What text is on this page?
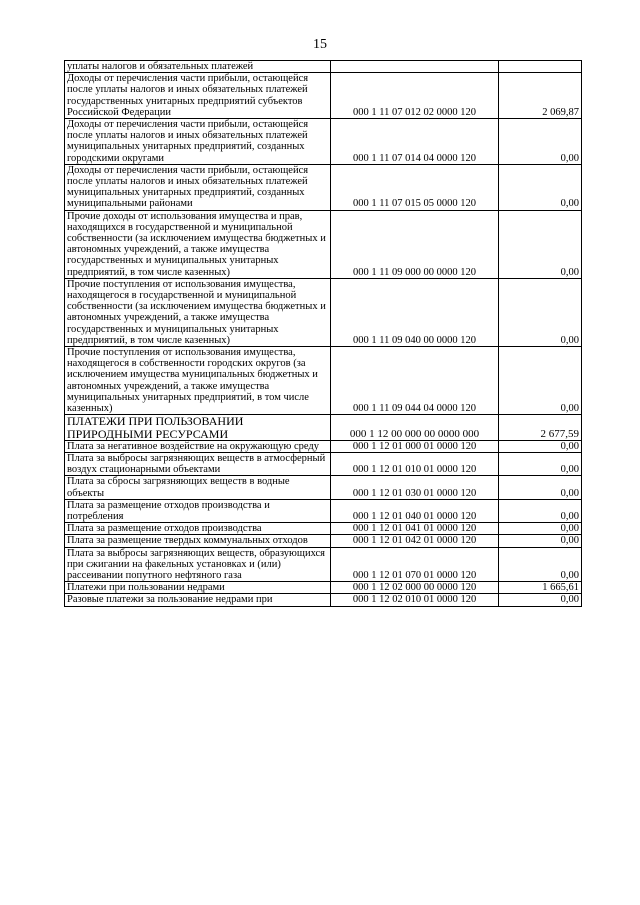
15
уплаты налогов и обязательных платежей		
Доходы от перечисления части прибыли, остающейся после уплаты налогов и иных обязательных платежей государственных унитарных предприятий субъектов Российской Федерации	000 1 11 07 012 02 0000 120	2 069,87
Доходы от перечисления части прибыли, остающейся после уплаты налогов и иных обязательных платежей муниципальных унитарных предприятий, созданных городскими округами	000 1 11 07 014 04 0000 120	0,00
Доходы от перечисления части прибыли, остающейся после уплаты налогов и иных обязательных платежей муниципальных унитарных предприятий, созданных муниципальными районами	000 1 11 07 015 05 0000 120	0,00
Прочие доходы от использования имущества и прав, находящихся в государственной и муниципальной собственности (за исключением имущества бюджетных и автономных учреждений, а также имущества государственных и муниципальных унитарных предприятий, в том числе казенных)	000 1 11 09 000 00 0000 120	0,00
Прочие поступления от использования имущества, находящегося в государственной и муниципальной собственности (за исключением имущества бюджетных и автономных учреждений, а также имущества государственных и муниципальных унитарных предприятий, в том числе казенных)	000 1 11 09 040 00 0000 120	0,00
Прочие поступления от использования имущества, находящегося в собственности городских округов (за исключением имущества муниципальных бюджетных и автономных учреждений, а также имущества муниципальных унитарных предприятий, в том числе казенных)	000 1 11 09 044 04 0000 120	0,00
ПЛАТЕЖИ ПРИ ПОЛЬЗОВАНИИ ПРИРОДНЫМИ РЕСУРСАМИ	000 1 12 00 000 00 0000 000	2 677,59
Плата за негативное воздействие на окружающую среду	000 1 12 01 000 01 0000 120	0,00
Плата за выбросы загрязняющих веществ в атмосферный воздух стационарными объектами	000 1 12 01 010 01 0000 120	0,00
Плата за сбросы загрязняющих веществ в водные объекты	000 1 12 01 030 01 0000 120	0,00
Плата за размещение отходов производства и потребления	000 1 12 01 040 01 0000 120	0,00
Плата за размещение отходов производства	000 1 12 01 041 01 0000 120	0,00
Плата за размещение твердых коммунальных отходов	000 1 12 01 042 01 0000 120	0,00
Плата за выбросы загрязняющих веществ, образующихся при сжигании на факельных установках и (или) рассеивании попутного нефтяного газа	000 1 12 01 070 01 0000 120	0,00
Платежи при пользовании недрами	000 1 12 02 000 00 0000 120	1 665,61
Разовые платежи за пользование недрами при	000 1 12 02 010 01 0000 120	0,00
